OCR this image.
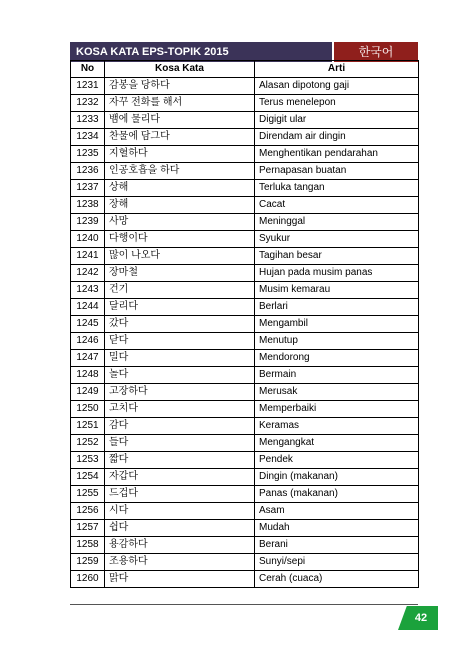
KOSA KATA EPS-TOPIK 2015	한국어
No	Kosa Kata	Arti
1231	감봉을 당하다	Alasan dipotong gaji
1232	자꾸 전화를 해서	Terus menelepon
1233	뱀에 물리다	Digigit ular
1234	찬물에 담그다	Direndam air dingin
1235	지혈하다	Menghentikan pendarahan
1236	인공호흡을 하다	Pernapasan buatan
1237	상해	Terluka tangan
1238	장해	Cacat
1239	사망	Meninggal
1240	다행이다	Syukur
1241	많이 나오다	Tagihan besar
1242	장마철	Hujan pada musim panas
1243	건기	Musim kemarau
1244	달리다	Berlari
1245	갔다	Mengambil
1246	닫다	Menutup
1247	밀다	Mendorong
1248	놀다	Bermain
1249	고장하다	Merusak
1250	고치다	Memperbaiki
1251	감다	Keramas
1252	들다	Mengangkat
1253	짧다	Pendek
1254	자갑다	Dingin (makanan)
1255	드겁다	Panas (makanan)
1256	시다	Asam
1257	쉽다	Mudah
1258	용감하다	Berani
1259	조용하다	Sunyi/sepi
1260	맑다	Cerah (cuaca)
42
